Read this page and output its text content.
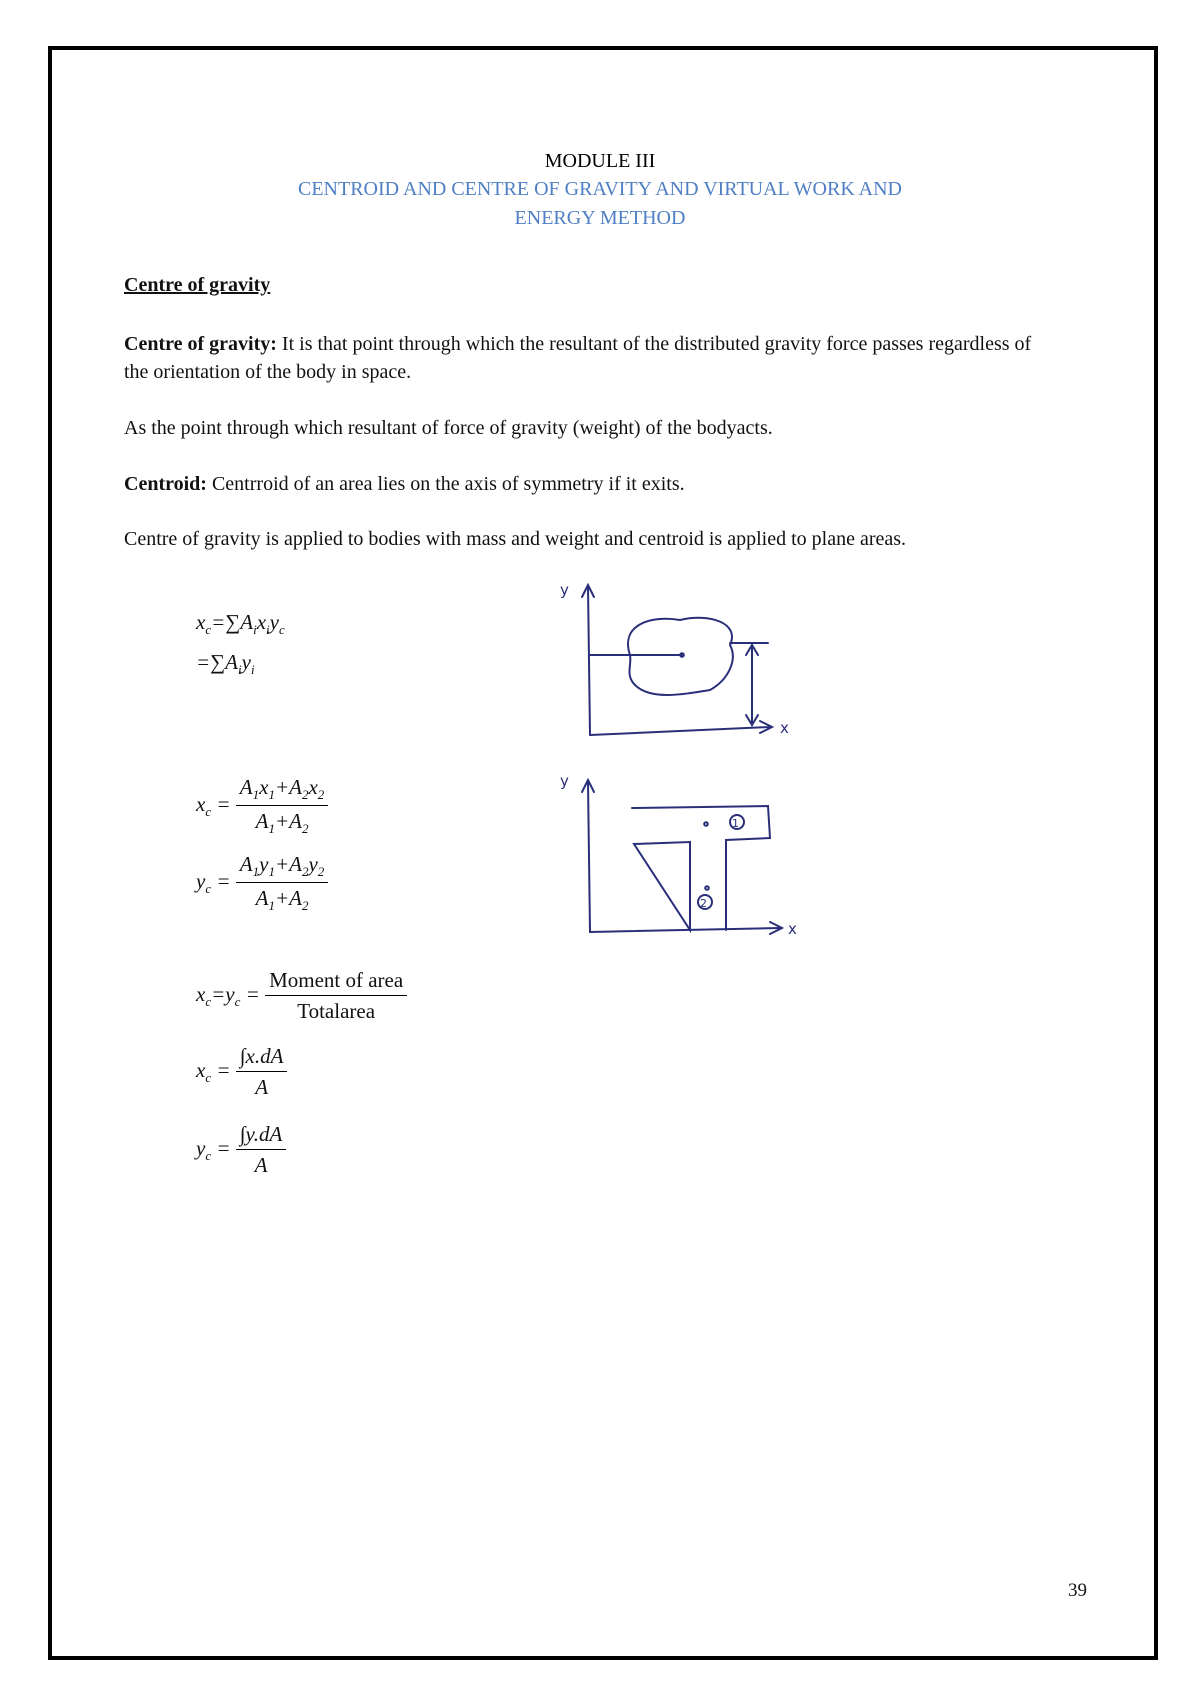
MODULE III
CENTROID AND CENTRE OF GRAVITY AND VIRTUAL WORK AND
ENERGY METHOD
Centre of gravity
Centre of gravity: It is that point through which the resultant of the distributed gravity force passes regardless of the orientation of the body in space.
As the point through which resultant of force of gravity (weight) of the bodyacts.
Centroid: Centrroid of an area lies on the axis of symmetry if it exits.
Centre of gravity is applied to bodies with mass and weight and centroid is applied to plane areas.
$x_c=\sum A_ix_iy_c$
$=\sum A_iy_i$
$x_c = \frac{A_1x_1+A_2x_2}{A_1+A_2}$
$y_c = \frac{A_1y_1+A_2y_2}{A_1+A_2}$
$x_c=y_c = \frac{\text{Moment of area}}{\text{Totalarea}}$
$x_c = \frac{\int x.dA}{A}$
$y_c = \frac{\int y.dA}{A}$
y
x
y
x
1
2
39
